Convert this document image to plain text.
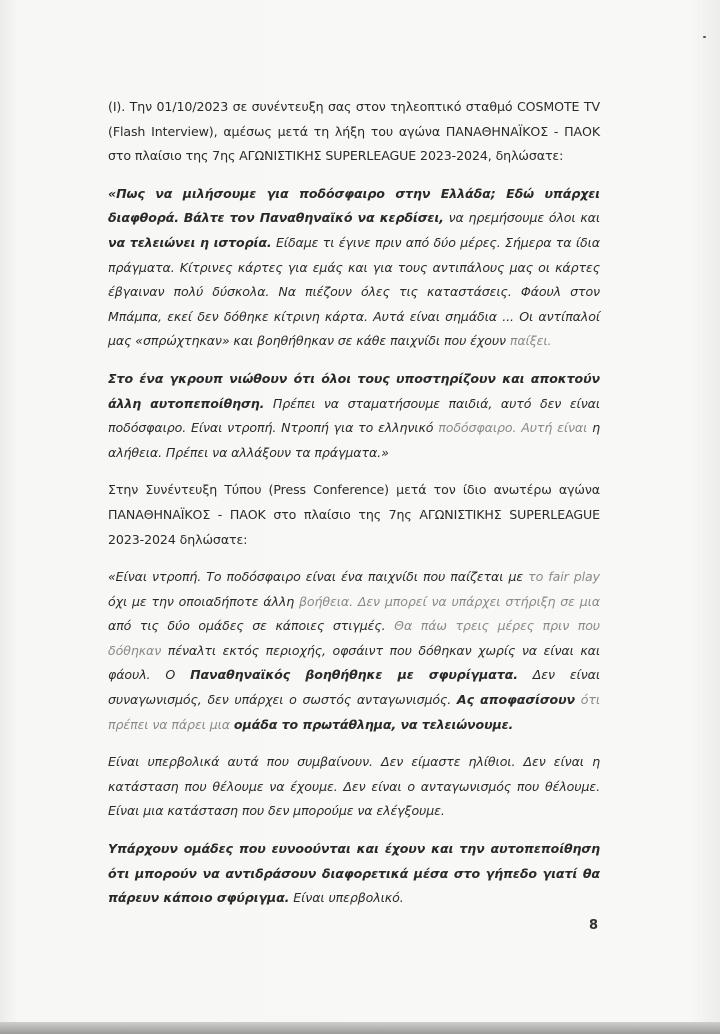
(Ι). Την 01/10/2023 σε συνέντευξη σας στον τηλεοπτικό σταθμό COSMOTE TV (Flash Interview), αμέσως μετά τη λήξη του αγώνα ΠΑΝΑΘΗΝΑΪΚΟΣ - ΠΑΟΚ στο πλαίσιο της 7ης ΑΓΩΝΙΣΤΙΚΗΣ SUPERLEAGUE 2023-2024, δηλώσατε:

«Πως να μιλήσουμε για ποδόσφαιρο στην Ελλάδα; Εδώ υπάρχει διαφθορά. Βάλτε τον Παναθηναϊκό να κερδίσει, να ηρεμήσουμε όλοι και να τελειώνει η ιστορία. Είδαμε τι έγινε πριν από δύο μέρες. Σήμερα τα ίδια πράγματα. Κίτρινες κάρτες για εμάς και για τους αντιπάλους μας οι κάρτες έβγαιναν πολύ δύσκολα. Να πιέζουν όλες τις καταστάσεις. Φάουλ στον Μπάμπα, εκεί δεν δόθηκε κίτρινη κάρτα. Αυτά είναι σημάδια ... Οι αντίπαλοί μας «σπρώχτηκαν» και βοηθήθηκαν σε κάθε παιχνίδι που έχουν παίξει.

Στο ένα γκρουπ νιώθουν ότι όλοι τους υποστηρίζουν και αποκτούν άλλη αυτοπεποίθηση. Πρέπει να σταματήσουμε παιδιά, αυτό δεν είναι ποδόσφαιρο. Είναι ντροπή. Ντροπή για το ελληνικό ποδόσφαιρο. Αυτή είναι η αλήθεια. Πρέπει να αλλάξουν τα πράγματα.»

Στην Συνέντευξη Τύπου (Press Conference) μετά τον ίδιο ανωτέρω αγώνα ΠΑΝΑΘΗΝΑΪΚΟΣ - ΠΑΟΚ στο πλαίσιο της 7ης ΑΓΩΝΙΣΤΙΚΗΣ SUPERLEAGUE 2023-2024 δηλώσατε:

«Είναι ντροπή. Το ποδόσφαιρο είναι ένα παιχνίδι που παίζεται με το fair play όχι με την οποιαδήποτε άλλη βοήθεια. Δεν μπορεί να υπάρχει στήριξη σε μια από τις δύο ομάδες σε κάποιες στιγμές. Θα πάω τρεις μέρες πριν που δόθηκαν πέναλτι εκτός περιοχής, οφσάιντ που δόθηκαν χωρίς να είναι και φάουλ. Ο Παναθηναϊκός βοηθήθηκε με σφυρίγματα. Δεν είναι συναγωνισμός, δεν υπάρχει ο σωστός ανταγωνισμός. Ας αποφασίσουν ότι πρέπει να πάρει μια ομάδα το πρωτάθλημα, να τελειώνουμε.

Είναι υπερβολικά αυτά που συμβαίνουν. Δεν είμαστε ηλίθιοι. Δεν είναι η κατάσταση που θέλουμε να έχουμε. Δεν είναι ο ανταγωνισμός που θέλουμε. Είναι μια κατάσταση που δεν μπορούμε να ελέγξουμε.

Υπάρχουν ομάδες που ευνοούνται και έχουν και την αυτοπεποίθηση ότι μπορούν να αντιδράσουν διαφορετικά μέσα στο γήπεδο γιατί θα πάρευν κάποιο σφύριγμα. Είναι υπερβολικό.

8
